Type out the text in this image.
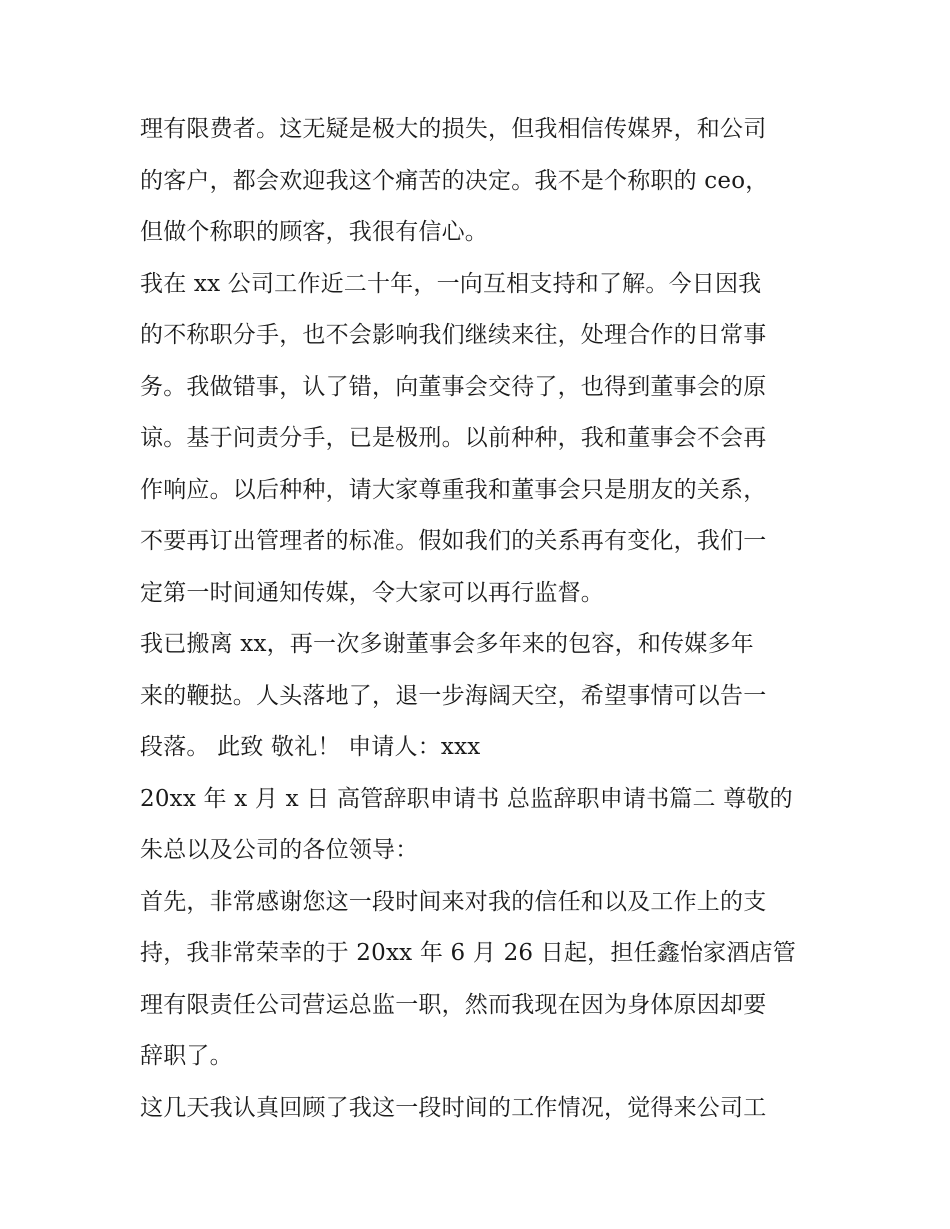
理有限费者。这无疑是极大的损失，但我相信传媒界，和公司
的客户，都会欢迎我这个痛苦的决定。我不是个称职的 ceo，
但做个称职的顾客，我很有信心。
我在 xx 公司工作近二十年，一向互相支持和了解。今日因我
的不称职分手，也不会影响我们继续来往，处理合作的日常事
务。我做错事，认了错，向董事会交待了，也得到董事会的原
谅。基于问责分手，已是极刑。以前种种，我和董事会不会再
作响应。以后种种，请大家尊重我和董事会只是朋友的关系，
不要再订出管理者的标准。假如我们的关系再有变化，我们一
定第一时间通知传媒，令大家可以再行监督。
我已搬离 xx，再一次多谢董事会多年来的包容，和传媒多年
来的鞭挞。人头落地了，退一步海阔天空，希望事情可以告一
段落。 此致 敬礼！ 申请人：xxx
20xx 年 x 月 x 日 高管辞职申请书 总监辞职申请书篇二 尊敬的
朱总以及公司的各位领导：
首先，非常感谢您这一段时间来对我的信任和以及工作上的支
持，我非常荣幸的于 20xx 年 6 月 26 日起，担任鑫怡家酒店管
理有限责任公司营运总监一职，然而我现在因为身体原因却要
辞职了。
这几天我认真回顾了我这一段时间的工作情况，觉得来公司工
